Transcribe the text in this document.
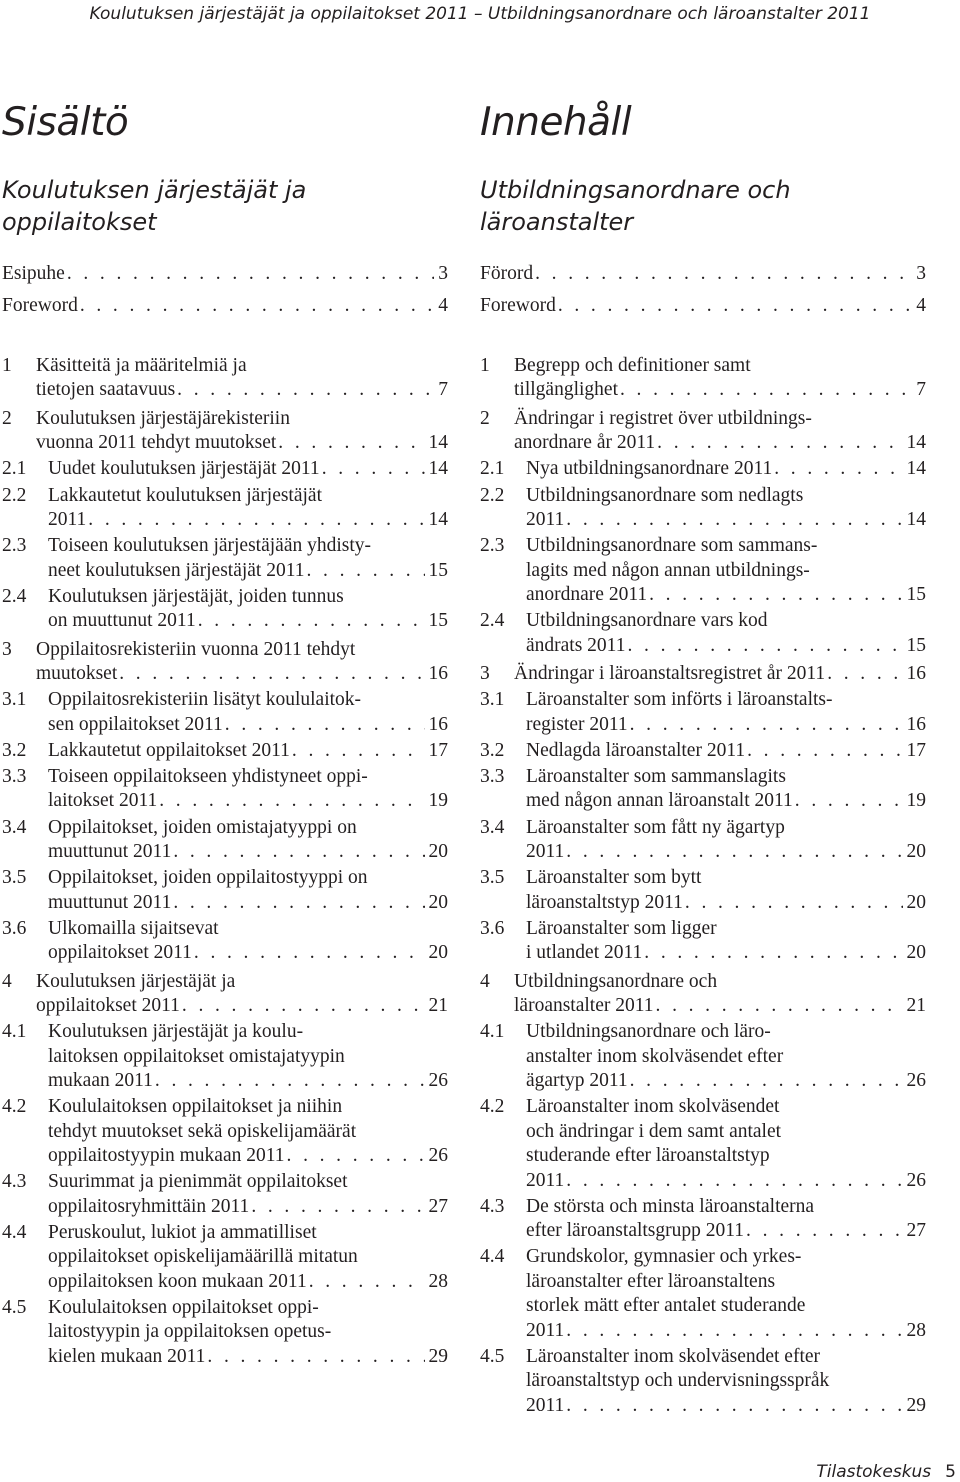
Koulutuksen järjestäjät ja oppilaitokset 2011 – Utbildningsanordnare och läroanstalter 2011
Sisältö
Koulutuksen järjestäjät ja
oppilaitokset
Esipuhe . . .	3
Foreword . . .	4
1	Käsitteitä ja määritelmiä ja
tietojen saatavuus . . .	7
2	Koulutuksen järjestäjärekisteriin
vuonna 2011 tehdyt muutokset . . .	14
2.1	Uudet koulutuksen järjestäjät 2011 . . .	14
2.2	Lakkautetut koulutuksen järjestäjät
2011 . . .	14
2.3	Toiseen koulutuksen järjestäjään yhdisty-
neet koulutuksen järjestäjät 2011 . . .	15
2.4	Koulutuksen järjestäjät, joiden tunnus
on muuttunut 2011 . . .	15
3	Oppilaitosrekisteriin vuonna 2011 tehdyt
muutokset . . .	16
3.1	Oppilaitosrekisteriin lisätyt koululaitok-
sen oppilaitokset 2011 . . .	16
3.2	Lakkautetut oppilaitokset 2011 . . .	17
3.3	Toiseen oppilaitokseen yhdistyneet oppi-
laitokset 2011 . . .	19
3.4	Oppilaitokset, joiden omistajatyyppi on
muuttunut 2011 . . .	20
3.5	Oppilaitokset, joiden oppilaitostyyppi on
muuttunut 2011 . . .	20
3.6	Ulkomailla sijaitsevat
oppilaitokset 2011 . . .	20
4	Koulutuksen järjestäjät ja
oppilaitokset 2011 . . .	21
4.1	Koulutuksen järjestäjät ja koulu-
laitoksen oppilaitokset omistajatyypin
mukaan 2011 . . .	26
4.2	Koululaitoksen oppilaitokset ja niihin
tehdyt muutokset sekä opiskelijamäärät
oppilaitostyypin mukaan 2011 . . .	26
4.3	Suurimmat ja pienimmät oppilaitokset
oppilaitosryhmittäin 2011 . . .	27
4.4	Peruskoulut, lukiot ja ammatilliset
oppilaitokset opiskelijamäärillä mitatun
oppilaitoksen koon mukaan 2011 . . .	28
4.5	Koululaitoksen oppilaitokset oppi-
laitostyypin ja oppilaitoksen opetus-
kielen mukaan 2011 . . .	29
Innehåll
Utbildningsanordnare och
läroanstalter
Förord . . .	3
Foreword . . .	4
1	Begrepp och definitioner samt
tillgänglighet . . .	7
2	Ändringar i registret över utbildnings-
anordnare år 2011 . . .	14
2.1	Nya utbildningsanordnare 2011 . . .	14
2.2	Utbildningsanordnare som nedlagts
2011 . . .	14
2.3	Utbildningsanordnare som sammans-
lagits med någon annan utbildnings-
anordnare 2011 . . .	15
2.4	Utbildningsanordnare vars kod
ändrats 2011 . . .	15
3	Ändringar i läroanstaltsregistret år 2011 . . .	16
3.1	Läroanstalter som införts i läroanstalts-
register 2011 . . .	16
3.2	Nedlagda läroanstalter 2011 . . .	17
3.3	Läroanstalter som sammanslagits
med någon annan läroanstalt 2011 . . .	19
3.4	Läroanstalter som fått ny ägartyp
2011 . . .	20
3.5	Läroanstalter som bytt
läroanstaltstyp 2011 . . .	20
3.6	Läroanstalter som ligger
i utlandet 2011 . . .	20
4	Utbildningsanordnare och
läroanstalter 2011 . . .	21
4.1	Utbildningsanordnare och läro-
anstalter inom skolväsendet efter
ägartyp 2011 . . .	26
4.2	Läroanstalter inom skolväsendet
och ändringar i dem samt antalet
studerande efter läroanstaltstyp
2011 . . .	26
4.3	De största och minsta läroanstalterna
efter läroanstaltsgrupp 2011 . . .	27
4.4	Grundskolor, gymnasier och yrkes-
läroanstalter efter läroanstaltens
storlek mätt efter antalet studerande
2011 . . .	28
4.5	Läroanstalter inom skolväsendet efter
läroanstaltstyp och undervisningsspråk
2011 . . .	29
Tilastokeskus 5
